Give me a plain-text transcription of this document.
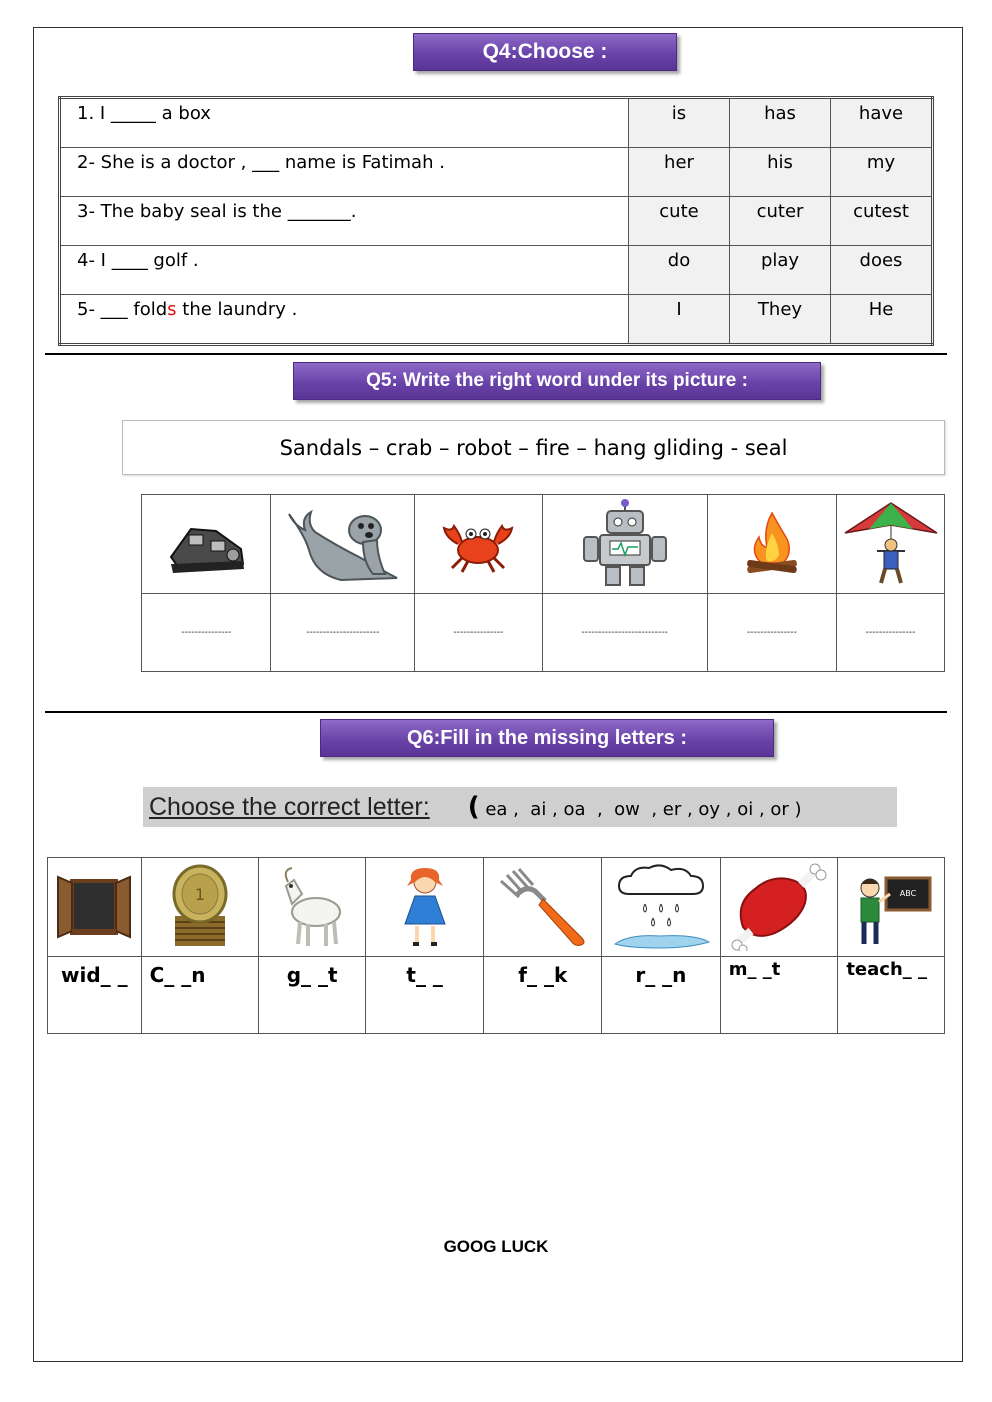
Q4:Choose :
1. I _____ a box	is	has	have
2- She is a doctor , ___ name is Fatimah .	her	his	my
3- The baby seal is the _______.	cute	cuter	cutest
4- I ____ golf .	do	play	does
5- ___ folds the laundry .	I	They	He
Q5: Write the right word under its picture :
Sandals – crab – robot – fire – hang gliding - seal

---------------	----------------------	---------------	--------------------------	---------------	---------------
Q6:Fill in the missing letters :
Choose the correct letter: ( ea ,  ai , oa  ,  ow  , er , oy , oi , or )

1						ABC

wid_ _	C_ _n	g_ _t	t_ _	f_ _k	r_ _n	m_ _t	teach_ _
GOOG LUCK
